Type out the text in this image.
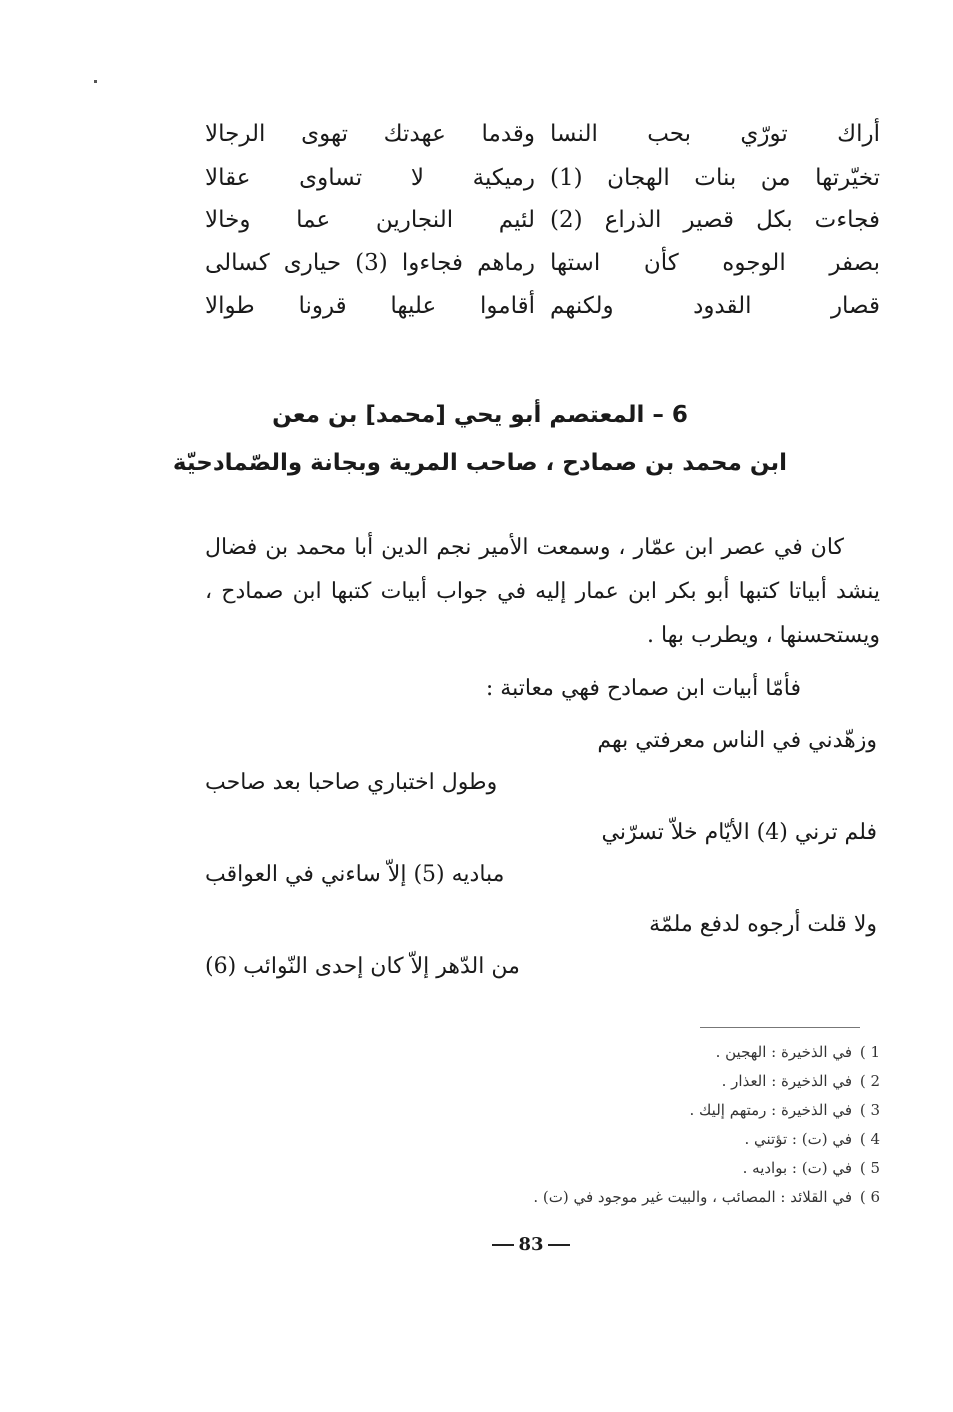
أراك تورّي بحب النسا
وقدما عهدتك تهوى الرجالا
تخيّرتها من بنات الهجان (1)
رميكية لا تساوى عقالا
فجاءت بكل قصير الذراع (2)
لئيم النجارين عما وخالا
بصفر الوجوه كأن استها
رماهم فجاءوا (3) حيارى كسالى
قصار القدود ولكنهم
أقاموا عليها قرونا طوالا
6 – المعتصم أبو يحي [محمد] بن معن
ابن محمد بن صمادح ، صاحب المرية وبجانة والصّمادحيّة

كان في عصر ابن عمّار ، وسمعت الأمير نجم الدين أبا محمد بن فضال ينشد أبياتا كتبها أبو بكر ابن عمار إليه في جواب أبيات كتبها ابن صمادح ، ويستحسنها ، ويطرب بها .

فأمّا أبيات ابن صمادح فهي معاتبة :
وزهّدني في الناس معرفتي بهم
وطول اختباري صاحبا بعد صاحب
فلم ترني (4) الأيّام خلاّ تسرّني
مباديه (5) إلاّ ساءني في العواقب
ولا قلت أرجوه لدفع ملمّة
من الدّهر إلاّ كان إحدى النّوائب (6)
1 )
في الذخيرة : الهجين .
2 )
في الذخيرة : العذار .
3 )
في الذخيرة : رمتهم إليك .
4 )
في (ت) : تؤتني .
5 )
في (ت) : بواديه .
6 )
في القلائد : المصائب ، والبيت غير موجود في (ت) .
83
